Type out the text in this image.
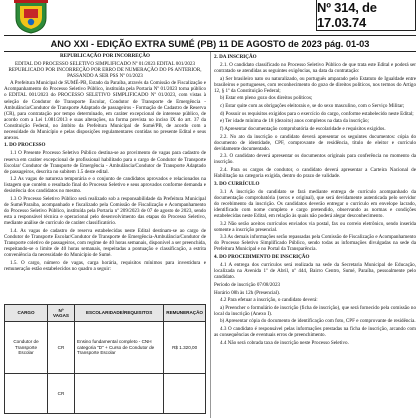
Nº 314, de 17.03.74
ANO XXI - EDIÇÃO EXTRA SUMÉ (PB) 11 DE AGOSTO de 2023 pág. 01-03

REPUBLICAÇÃO POR INCORREÇÃO

EDITAL DO PROCESSO SELETIVO SIMPLIFICADO Nº 01/2023 EDITAL 001/2023 REPUBLICADO POR INCORREÇÃO POR ERRO DE NUMERAÇÃO DO PS ANTERIOR, PASSANDO A SER PSS Nº 01/2023

A Prefeitura Municipal de SUMÉ-PB, Estado da Paraíba, através da Comissão de Fiscalização e Acompanhamento do Processo Seletivo Público, instituída pela Portaria Nº 01/2023 torna público o EDITAL 001/2023 do PROCESSO SELETIVO SIMPLIFICADO Nº 01/2023, com vistas à seleção de Condutor de Transporte Escolar, Condutor de Transporte de Emergência - Ambulância/Condutor de Transporte Adaptado de passageiros - Formação de Cadastro de Reserva (CR), para contratação por tempo determinado, em caráter excepcional de interesse público, de acordo com a Lei 1.081/2013 e suas alterações, na forma prevista no inciso IX do art. 37 da Constituição Federal, no âmbito da Prefeitura Municipal de Sumé/PB, de acordo com a necessidade do Município e pelas disposições regulamentares contidas no presente Edital e seus anexos.

1. DO PROCESSO

1.1 O Presente Processo Seletivo Público destina-se ao provimento de vagas para cadastro de reserva em caráter excepcional de profissional habilitado para o cargo de Condutor de Transporte Escolar/ Condutor de Transporte de Emergência - Ambulância/Condutor de Transporte Adaptado de passageiros, descrita no subitem 1.5 deste edital.

1.2 As vagas de natureza temporária e o conjunto de candidatos aprovados e relacionados na listagem que contém o resultado final do Processo Seletivo e seus aprovados conforme demanda e desistência dos candidatos no mesmo.

1.3 O Processo Seletivo Público será realizado sob a responsabilidade da Prefeitura Municipal de Sumé/Paraíba, acompanhado e fiscalizado pela Comissão de Fiscalização e Acompanhamento do Processo Seletivo Público, instituída pela Portaria nº 209/2023 de 07 de agosto de 2023, sendo esta a responsável técnica e operacional pelo desenvolvimento das etapas do Processo Seletivo, mediante análise de currículo de caráter classificatório.

1.4. As vagas de cadastro de reserva estabelecidas neste Edital destinam-se ao cargo de Condutor de Transporte Escolar/Condutor de Transporte de Emergência-Ambulância/Condutor de Transporte coletivo de passageiros, com regime de 40 horas semanais, disponível a ser preenchida, respeitando-se o limite de 40 horas semanais, respeitadas a pontuação e classificação, a estrita conveniência da necessidade do Município de Sumé.

1.5. O cargo, número de vagas, carga horária, requisitos mínimos para investidura e remuneração estão estabelecidos no quadro a seguir:

CARGO	Nº VAGAS	ESCOLARIDADE/REQUISITOS	REMUNERAÇÃO
Condutor de Transporte Escolar	CR	Ensino fundamental completo - CNH categoria "D" + Curso de Condutor de Transporte Escolar	R$ 1.320,00
	CR		

2. DA INSCRIÇÃO

2.1. O candidato classificado no Processo Seletivo Público de que trata este Edital e poderá ser contratado se atendidas as seguintes exigências, na data da contratação:

a) Ser brasileiro nato ou naturalizado, ou português amparado pelo Estatuto de Igualdade entre brasileiros e portugueses, com reconhecimento do gozo de direitos políticos, nos termos do Artigo 12, § 1º da Constituição Federal;

b) Estar em pleno gozo dos direitos políticos;

c) Estar quite com as obrigações eleitorais e, se do sexo masculino, com o Serviço Militar;

d) Possuir os requisitos exigidos para o exercício do cargo, conforme estabelecido neste Edital;

e) Ter idade mínima de 18 (dezoito) anos completos na data da inscrição;

f) Apresentar documentação comprobatória de escolaridade e requisitos exigidos.

2.2. No ato da inscrição o candidato deverá apresentar os seguintes documentos: cópia do documento de identidade, CPF, comprovante de residência, título de eleitor e currículo devidamente documentado.

2.3. O candidato deverá apresentar os documentos originais para conferência no momento da inscrição.

2.4. Para os cargos de condutor, o candidato deverá apresentar a Carteira Nacional de Habilitação na categoria exigida, dentro do prazo de validade.

3. DO CURRÍCULO

3.1 A inscrição do candidato se fará mediante entrega de currículo acompanhado da documentação comprobatória (xerox e original), que será devidamente autenticada pelo servidor do recebimento da inscrição. Os candidatos deverão entregar o currículo em envelope lacrado, identificado com nome completo e cargo pretendido, observando as normas e condições estabelecidas neste Edital, em relação às quais não poderá alegar desconhecimento.

3.2 Não serão aceitos currículos enviados via postal, fax ou correio eletrônico, sendo inserida somente a inscrição presencial.

3.3 As demais informações serão repassadas pela Comissão de Fiscalização e Acompanhamento do Processo Seletivo Simplificado Público, sendo todas as informações divulgadas na sede da Prefeitura Municipal e no Portal da Transparência.

4. DO PROCEDIMENTO DE INSCRIÇÃO

4.1 A entrega dos currículos será realizada na sede da Secretaria Municipal de Educação, localizada na Avenida 1º de Abril, nº 444, Bairro Centro, Sumé, Paraíba, pessoalmente pelo candidato.

Período de inscrição 07/08/2023

Horário 08h às 12h (Presencial).

4.2 Para efetuar a inscrição, o candidato deverá:

a) Preencher o formulário de inscrição (ficha de inscrição), que será fornecido pela comissão no local da inscrição (Anexo I).

b) Apresentar cópia do documento de identificação com foto, CPF e comprovante de residência.

4.3 O candidato é responsável pelas informações prestadas na ficha de inscrição, arcando com as consequências de eventuais erros de preenchimento.

4.4 Não será cobrada taxa de inscrição neste Processo Seletivo.
